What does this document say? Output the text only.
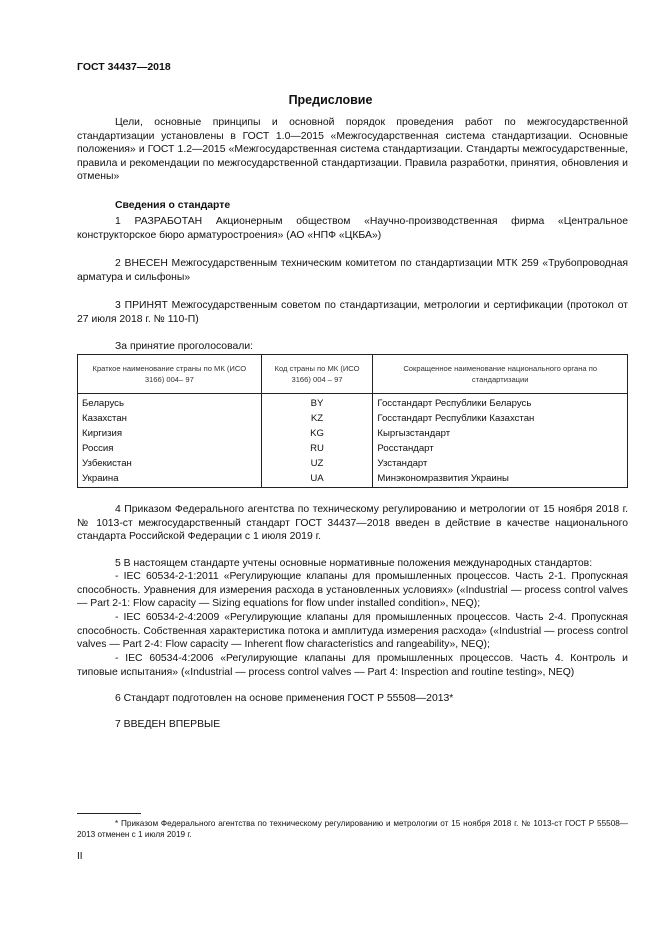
ГОСТ 34437—2018
Предисловие

Цели, основные принципы и основной порядок проведения работ по межгосударственной стандартизации установлены в ГОСТ 1.0—2015 «Межгосударственная система стандартизации. Основные положения» и ГОСТ 1.2—2015 «Межгосударственная система стандартизации. Стандарты межгосударственные, правила и рекомендации по межгосударственной стандартизации. Правила разработки, принятия, обновления и отмены»

Сведения о стандарте

1 РАЗРАБОТАН Акционерным обществом «Научно-производственная фирма «Центральное конструкторское бюро арматуростроения» (АО «НПФ «ЦКБА»)

2 ВНЕСЕН Межгосударственным техническим комитетом по стандартизации МТК 259 «Трубопроводная арматура и сильфоны»

3 ПРИНЯТ Межгосударственным советом по стандартизации, метрологии и сертификации (протокол от 27 июля 2018 г. № 110-П)

За принятие проголосовали:
Краткое наименование страны по МК (ИСО 3166) 004– 97	Код страны по МК (ИСО 3166) 004 – 97	Сокращенное наименование национального органа по стандартизации
Беларусь	BY	Госстандарт Республики Беларусь
Казахстан	KZ	Госстандарт Республики Казахстан
Киргизия	KG	Кыргызстандарт
Россия	RU	Росстандарт
Узбекистан	UZ	Узстандарт
Украина	UA	Минэкономразвития Украины

4 Приказом Федерального агентства по техническому регулированию и метрологии от 15 ноября 2018 г. № 1013-ст межгосударственный стандарт ГОСТ 34437—2018 введен в действие в качестве национального стандарта Российской Федерации с 1 июля 2019 г.

5 В настоящем стандарте учтены основные нормативные положения международных стандартов:

- IEC 60534-2-1:2011 «Регулирующие клапаны для промышленных процессов. Часть 2-1. Пропускная способность. Уравнения для измерения расхода в установленных условиях» («Industrial — process control valves — Part 2-1: Flow capacity — Sizing equations for flow under installed condition», NEQ);

- IEC 60534-2-4:2009 «Регулирующие клапаны для промышленных процессов. Часть 2-4. Пропускная способность. Собственная характеристика потока и амплитуда измерения расхода» («Industrial — process control valves — Part 2-4: Flow capacity — Inherent flow characteristics and rangeability», NEQ);

- IEC 60534-4:2006 «Регулирующие клапаны для промышленных процессов. Часть 4. Контроль и типовые испытания» («Industrial — process control valves — Part 4: Inspection and routine testing», NEQ)

6 Стандарт подготовлен на основе применения ГОСТ Р 55508—2013*

7 ВВЕДЕН ВПЕРВЫЕ

* Приказом Федерального агентства по техническому регулированию и метрологии от 15 ноября 2018 г. № 1013-ст ГОСТ Р 55508—2013 отменен с 1 июля 2019 г.

II
